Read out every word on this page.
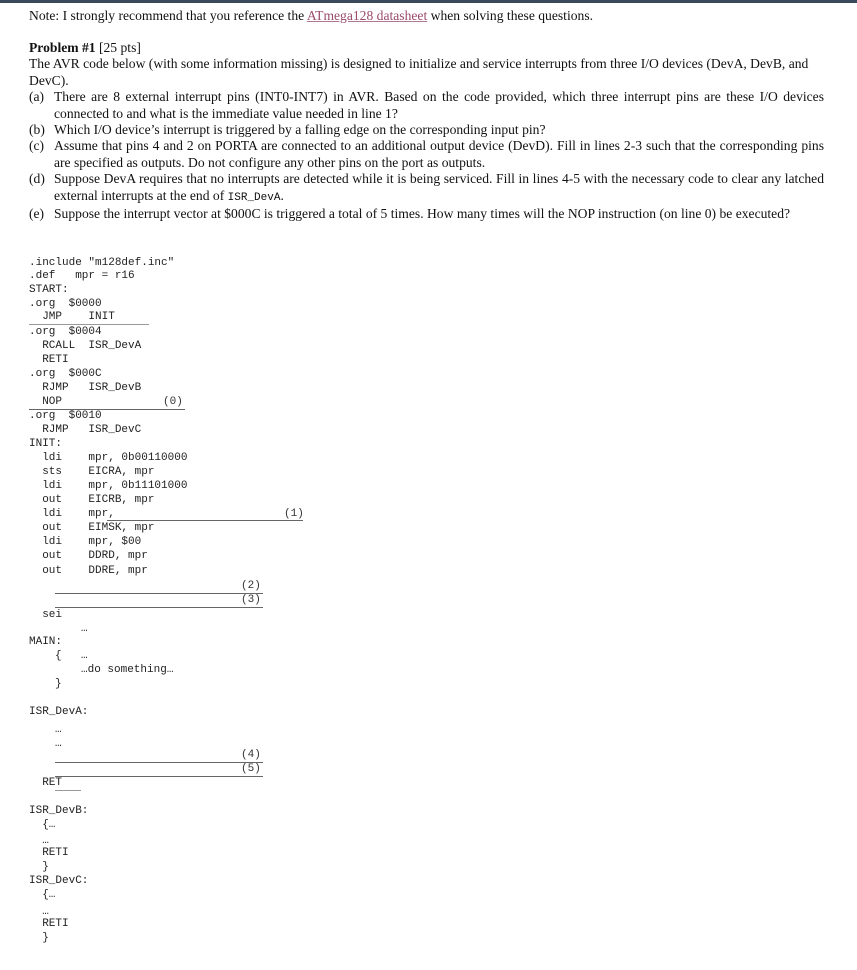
Note: I strongly recommend that you reference the ATmega128 datasheet when solving these questions.
Problem #1 [25 pts]
The AVR code below (with some information missing) is designed to initialize and service interrupts from three I/O devices (DevA, DevB, and DevC).
(a) There are 8 external interrupt pins (INT0-INT7) in AVR. Based on the code provided, which three interrupt pins are these I/O devices connected to and what is the immediate value needed in line 1?
(b) Which I/O device’s interrupt is triggered by a falling edge on the corresponding input pin?
(c) Assume that pins 4 and 2 on PORTA are connected to an additional output device (DevD). Fill in lines 2-3 such that the corresponding pins are specified as outputs. Do not configure any other pins on the port as outputs.
(d) Suppose DevA requires that no interrupts are detected while it is being serviced. Fill in lines 4-5 with the necessary code to clear any latched external interrupts at the end of ISR_DevA.
(e) Suppose the interrupt vector at $000C is triggered a total of 5 times. How many times will the NOP instruction (on line 0) be executed?
.include "m128def.inc"
.def   mpr = r16
START:
.org  $0000
JMP    INIT
.org  $0004
RCALL  ISR_DevA
RETI
.org  $000C
RJMP   ISR_DevB
NOP	(0)
.org  $0010
RJMP   ISR_DevC
INIT:
ldi    mpr, 0b00110000
sts    EICRA, mpr
ldi    mpr, 0b11101000
out    EICRB, mpr
ldi    mpr,	(1)
out    EIMSK, mpr
ldi    mpr, $00
out    DDRD, mpr
out    DDRE, mpr
(2)
(3)
sei
…
MAIN:
{ …
…do something…
}
ISR_DevA:
…
…
(4)
(5)
RET
ISR_DevB:
{…
…
RETI
}
ISR_DevC:
{…
…
RETI
}
